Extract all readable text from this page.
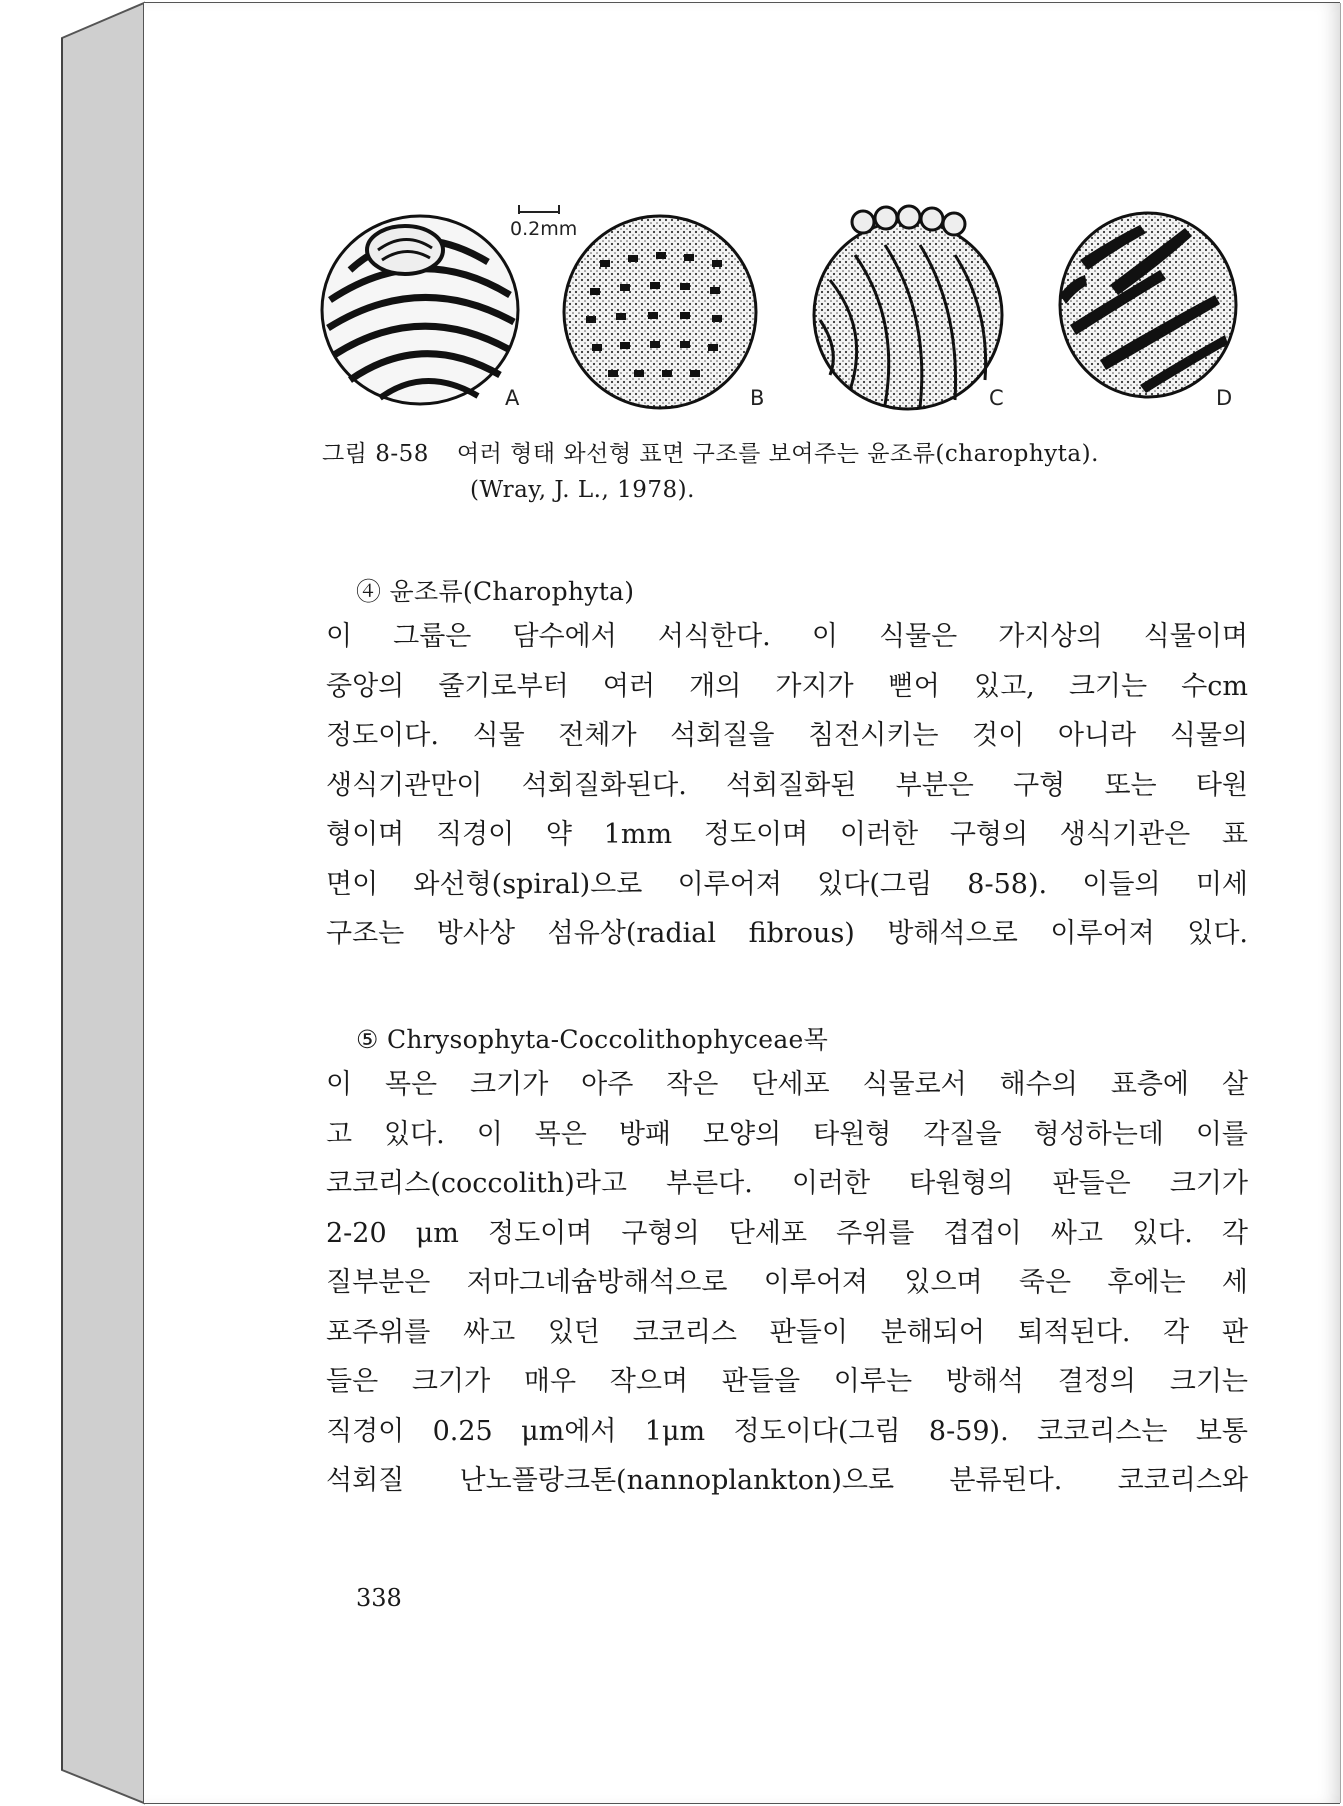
A	B	C	D
0.2mm
그림 8-58 여러 형태 와선형 표면 구조를 보여주는 윤조류(charophyta).
(Wray, J. L., 1978).
④ 윤조류(Charophyta)
이 그룹은 담수에서 서식한다. 이 식물은 가지상의 식물이며
중앙의 줄기로부터 여러 개의 가지가 뻗어 있고, 크기는 수cm
정도이다. 식물 전체가 석회질을 침전시키는 것이 아니라 식물의
생식기관만이 석회질화된다. 석회질화된 부분은 구형 또는 타원
형이며 직경이 약 1mm 정도이며 이러한 구형의 생식기관은 표
면이 와선형(spiral)으로 이루어져 있다(그림 8-58). 이들의 미세
구조는 방사상 섬유상(radial fibrous) 방해석으로 이루어져 있다.
⑤ Chrysophyta-Coccolithophyceae목
이 목은 크기가 아주 작은 단세포 식물로서 해수의 표층에 살
고 있다. 이 목은 방패 모양의 타원형 각질을 형성하는데 이를
코코리스(coccolith)라고 부른다. 이러한 타원형의 판들은 크기가
2-20 μm 정도이며 구형의 단세포 주위를 겹겹이 싸고 있다. 각
질부분은 저마그네슘방해석으로 이루어져 있으며 죽은 후에는 세
포주위를 싸고 있던 코코리스 판들이 분해되어 퇴적된다. 각 판
들은 크기가 매우 작으며 판들을 이루는 방해석 결정의 크기는
직경이 0.25 μm에서 1μm 정도이다(그림 8-59). 코코리스는 보통
석회질 난노플랑크톤(nannoplankton)으로 분류된다. 코코리스와
338
